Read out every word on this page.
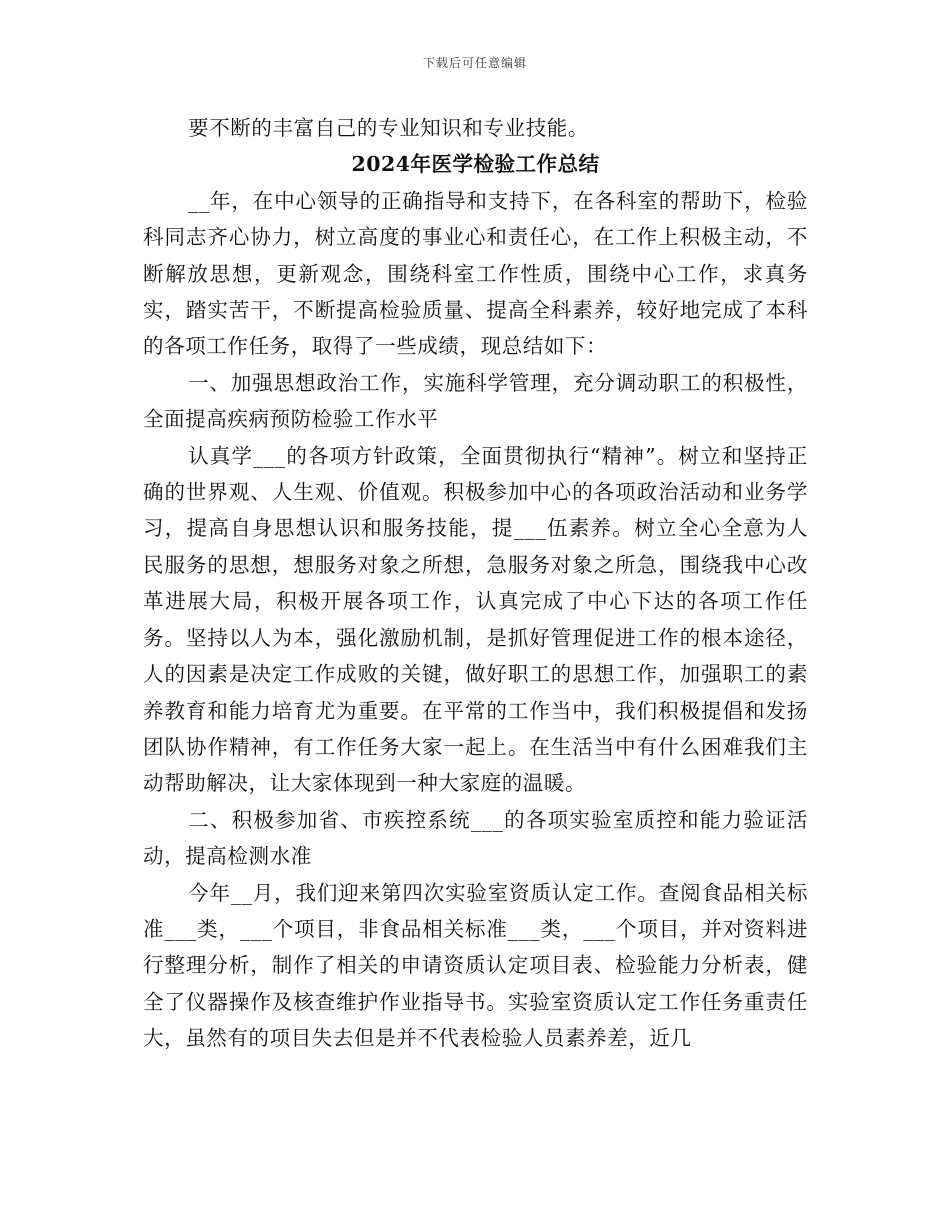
下载后可任意编辑

要不断的丰富自己的专业知识和专业技能。

2024年医学检验工作总结

__年，在中心领导的正确指导和支持下，在各科室的帮助下，检验科同志齐心协力，树立高度的事业心和责任心，在工作上积极主动，不断解放思想，更新观念，围绕科室工作性质，围绕中心工作，求真务实，踏实苦干，不断提高检验质量、提高全科素养，较好地完成了本科的各项工作任务，取得了一些成绩，现总结如下：

一、加强思想政治工作，实施科学管理，充分调动职工的积极性，全面提高疾病预防检验工作水平

认真学___的各项方针政策，全面贯彻执行“精神”。树立和坚持正确的世界观、人生观、价值观。积极参加中心的各项政治活动和业务学习，提高自身思想认识和服务技能，提___伍素养。树立全心全意为人民服务的思想，想服务对象之所想，急服务对象之所急，围绕我中心改革进展大局，积极开展各项工作，认真完成了中心下达的各项工作任务。坚持以人为本，强化激励机制，是抓好管理促进工作的根本途径，人的因素是决定工作成败的关键，做好职工的思想工作，加强职工的素养教育和能力培育尤为重要。在平常的工作当中，我们积极提倡和发扬团队协作精神，有工作任务大家一起上。在生活当中有什么困难我们主动帮助解决，让大家体现到一种大家庭的温暖。

二、积极参加省、市疾控系统___的各项实验室质控和能力验证活动，提高检测水准

今年__月，我们迎来第四次实验室资质认定工作。查阅食品相关标准___类，___个项目，非食品相关标准___类，___个项目，并对资料进行整理分析，制作了相关的申请资质认定项目表、检验能力分析表，健全了仪器操作及核查维护作业指导书。实验室资质认定工作任务重责任大，虽然有的项目失去但是并不代表检验人员素养差，近几
